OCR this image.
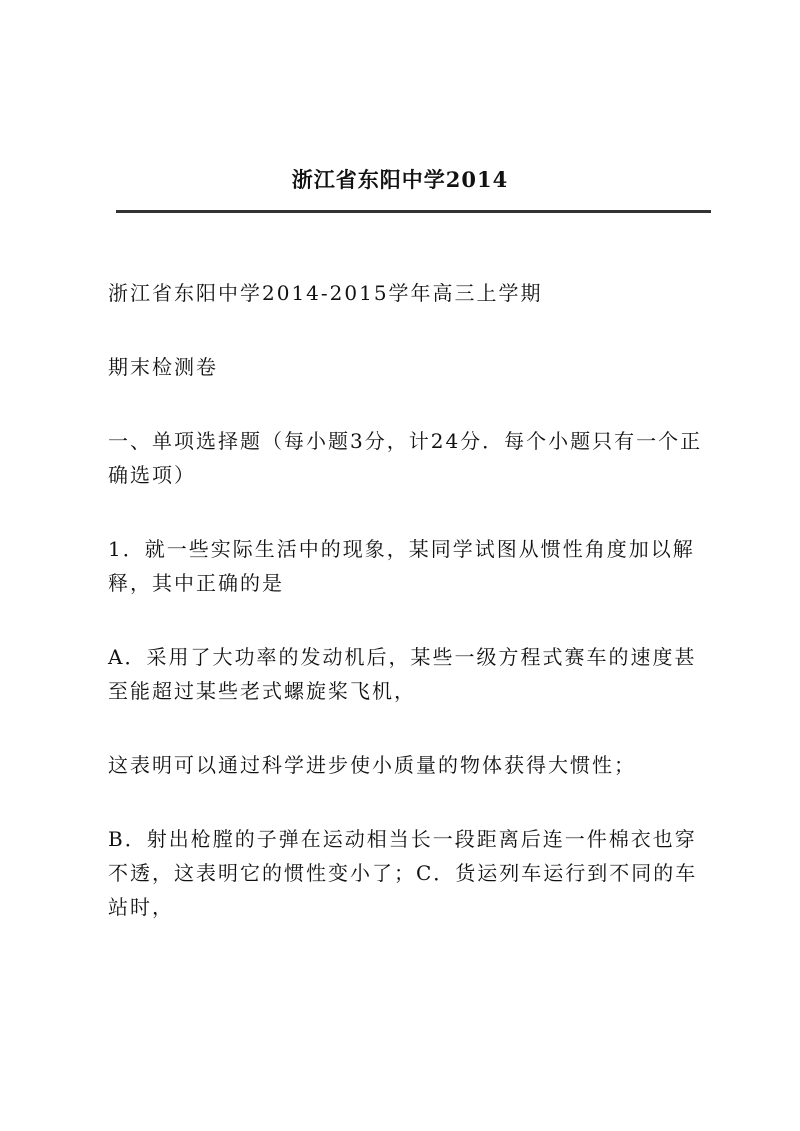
浙江省东阳中学2014

浙江省东阳中学2014-2015学年高三上学期

期末检测卷

一、单项选择题（每小题3分，计24分．每个小题只有一个正确选项）

1．就一些实际生活中的现象，某同学试图从惯性角度加以解释，其中正确的是

A．采用了大功率的发动机后，某些一级方程式赛车的速度甚至能超过某些老式螺旋桨飞机，

这表明可以通过科学进步使小质量的物体获得大惯性；

B．射出枪膛的子弹在运动相当长一段距离后连一件棉衣也穿不透，这表明它的惯性变小了；C．货运列车运行到不同的车站时，
